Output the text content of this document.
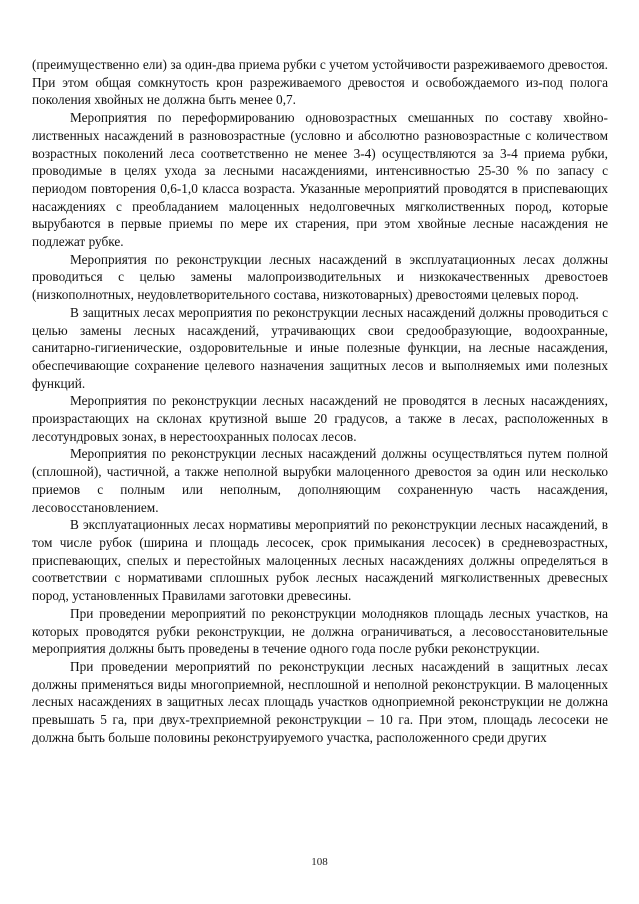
(преимущественно ели) за один-два приема рубки с учетом устойчивости разреживаемого древостоя. При этом общая сомкнутость крон разреживаемого древостоя и освобождаемого из-под полога поколения хвойных не должна быть менее 0,7.

Мероприятия по переформированию одновозрастных смешанных по составу хвойно-лиственных насаждений в разновозрастные (условно и абсолютно разновозрастные с количеством возрастных поколений леса соответственно не менее 3-4) осуществляются за 3-4 приема рубки, проводимые в целях ухода за лесными насаждениями, интенсивностью 25-30 % по запасу с периодом повторения 0,6-1,0 класса возраста. Указанные мероприятий проводятся в приспевающих насаждениях с преобладанием малоценных недолговечных мягколиственных пород, которые вырубаются в первые приемы по мере их старения, при этом хвойные лесные насаждения не подлежат рубке.

Мероприятия по реконструкции лесных насаждений в эксплуатационных лесах должны проводиться с целью замены малопроизводительных и низкокачественных древостоев (низкополнотных, неудовлетворительного состава, низкотоварных) древостоями целевых пород.

В защитных лесах мероприятия по реконструкции лесных насаждений должны проводиться с целью замены лесных насаждений, утрачивающих свои средообразующие, водоохранные, санитарно-гигиенические, оздоровительные и иные полезные функции, на лесные насаждения, обеспечивающие сохранение целевого назначения защитных лесов и выполняемых ими полезных функций.

Мероприятия по реконструкции лесных насаждений не проводятся в лесных насаждениях, произрастающих на склонах крутизной выше 20 градусов, а также в лесах, расположенных в лесотундровых зонах, в нерестоохранных полосах лесов.

Мероприятия по реконструкции лесных насаждений должны осуществляться путем полной (сплошной), частичной, а также неполной вырубки малоценного древостоя за один или несколько приемов с полным или неполным, дополняющим сохраненную часть насаждения, лесовосстановлением.

В эксплуатационных лесах нормативы мероприятий по реконструкции лесных насаждений, в том числе рубок (ширина и площадь лесосек, срок примыкания лесосек) в средневозрастных, приспевающих, спелых и перестойных малоценных лесных насаждениях должны определяться в соответствии с нормативами сплошных рубок лесных насаждений мягколиственных древесных пород, установленных Правилами заготовки древесины.

При проведении мероприятий по реконструкции молодняков площадь лесных участков, на которых проводятся рубки реконструкции, не должна ограничиваться, а лесовосстановительные мероприятия должны быть проведены в течение одного года после рубки реконструкции.

При проведении мероприятий по реконструкции лесных насаждений в защитных лесах должны применяться виды многоприемной, несплошной и неполной реконструкции. В малоценных лесных насаждениях в защитных лесах площадь участков одноприемной реконструкции не должна превышать 5 га, при двух-трехприемной реконструкции – 10 га. При этом, площадь лесосеки не должна быть больше половины реконструируемого участка, расположенного среди других

108
